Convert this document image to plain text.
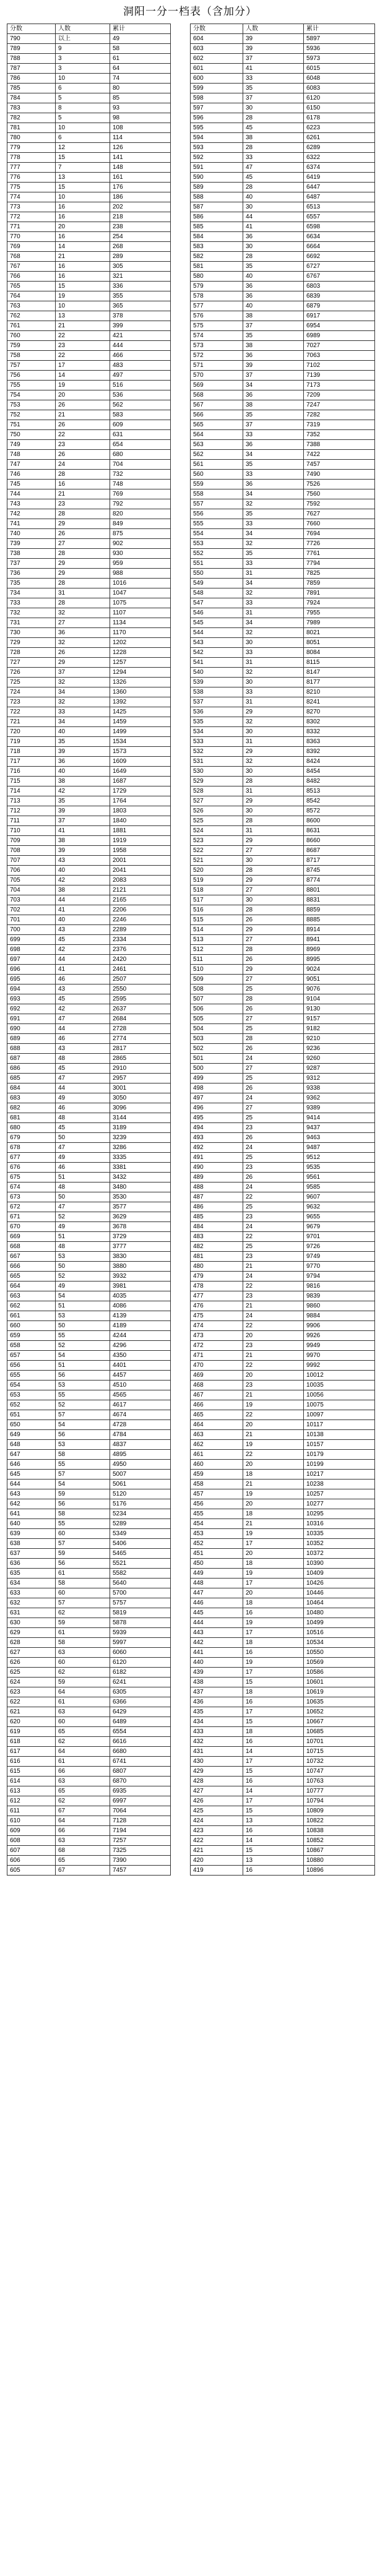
洞阳一分一档表（含加分）
分数	人数	累计
790	以上	49
789	9	58
788	3	61
787	3	64
786	10	74
785	6	80
784	5	85
783	8	93
782	5	98
781	10	108
780	6	114
779	12	126
778	15	141
777	7	148
776	13	161
775	15	176
774	10	186
773	16	202
772	16	218
771	20	238
770	16	254
769	14	268
768	21	289
767	16	305
766	16	321
765	15	336
764	19	355
763	10	365
762	13	378
761	21	399
760	22	421
759	23	444
758	22	466
757	17	483
756	14	497
755	19	516
754	20	536
753	26	562
752	21	583
751	26	609
750	22	631
749	23	654
748	26	680
747	24	704
746	28	732
745	16	748
744	21	769
743	23	792
742	28	820
741	29	849
740	26	875
739	27	902
738	28	930
737	29	959
736	29	988
735	28	1016
734	31	1047
733	28	1075
732	32	1107
731	27	1134
730	36	1170
729	32	1202
728	26	1228
727	29	1257
726	37	1294
725	32	1326
724	34	1360
723	32	1392
722	33	1425
721	34	1459
720	40	1499
719	35	1534
718	39	1573
717	36	1609
716	40	1649
715	38	1687
714	42	1729
713	35	1764
712	39	1803
711	37	1840
710	41	1881
709	38	1919
708	39	1958
707	43	2001
706	40	2041
705	42	2083
704	38	2121
703	44	2165
702	41	2206
701	40	2246
700	43	2289
699	45	2334
698	42	2376
697	44	2420
696	41	2461
695	46	2507
694	43	2550
693	45	2595
692	42	2637
691	47	2684
690	44	2728
689	46	2774
688	43	2817
687	48	2865
686	45	2910
685	47	2957
684	44	3001
683	49	3050
682	46	3096
681	48	3144
680	45	3189
679	50	3239
678	47	3286
677	49	3335
676	46	3381
675	51	3432
674	48	3480
673	50	3530
672	47	3577
671	52	3629
670	49	3678
669	51	3729
668	48	3777
667	53	3830
666	50	3880
665	52	3932
664	49	3981
663	54	4035
662	51	4086
661	53	4139
660	50	4189
659	55	4244
658	52	4296
657	54	4350
656	51	4401
655	56	4457
654	53	4510
653	55	4565
652	52	4617
651	57	4674
650	54	4728
649	56	4784
648	53	4837
647	58	4895
646	55	4950
645	57	5007
644	54	5061
643	59	5120
642	56	5176
641	58	5234
640	55	5289
639	60	5349
638	57	5406
637	59	5465
636	56	5521
635	61	5582
634	58	5640
633	60	5700
632	57	5757
631	62	5819
630	59	5878
629	61	5939
628	58	5997
627	63	6060
626	60	6120
625	62	6182
624	59	6241
623	64	6305
622	61	6366
621	63	6429
620	60	6489
619	65	6554
618	62	6616
617	64	6680
616	61	6741
615	66	6807
614	63	6870
613	65	6935
612	62	6997
611	67	7064
610	64	7128
609	66	7194
608	63	7257
607	68	7325
606	65	7390
605	67	7457
分数	人数	累计
604	39	5897
603	39	5936
602	37	5973
601	41	6015
600	33	6048
599	35	6083
598	37	6120
597	30	6150
596	28	6178
595	45	6223
594	38	6261
593	28	6289
592	33	6322
591	47	6374
590	45	6419
589	28	6447
588	40	6487
587	30	6513
586	44	6557
585	41	6598
584	36	6634
583	30	6664
582	28	6692
581	35	6727
580	40	6767
579	36	6803
578	36	6839
577	40	6879
576	38	6917
575	37	6954
574	35	6989
573	38	7027
572	36	7063
571	39	7102
570	37	7139
569	34	7173
568	36	7209
567	38	7247
566	35	7282
565	37	7319
564	33	7352
563	36	7388
562	34	7422
561	35	7457
560	33	7490
559	36	7526
558	34	7560
557	32	7592
556	35	7627
555	33	7660
554	34	7694
553	32	7726
552	35	7761
551	33	7794
550	31	7825
549	34	7859
548	32	7891
547	33	7924
546	31	7955
545	34	7989
544	32	8021
543	30	8051
542	33	8084
541	31	8115
540	32	8147
539	30	8177
538	33	8210
537	31	8241
536	29	8270
535	32	8302
534	30	8332
533	31	8363
532	29	8392
531	32	8424
530	30	8454
529	28	8482
528	31	8513
527	29	8542
526	30	8572
525	28	8600
524	31	8631
523	29	8660
522	27	8687
521	30	8717
520	28	8745
519	29	8774
518	27	8801
517	30	8831
516	28	8859
515	26	8885
514	29	8914
513	27	8941
512	28	8969
511	26	8995
510	29	9024
509	27	9051
508	25	9076
507	28	9104
506	26	9130
505	27	9157
504	25	9182
503	28	9210
502	26	9236
501	24	9260
500	27	9287
499	25	9312
498	26	9338
497	24	9362
496	27	9389
495	25	9414
494	23	9437
493	26	9463
492	24	9487
491	25	9512
490	23	9535
489	26	9561
488	24	9585
487	22	9607
486	25	9632
485	23	9655
484	24	9679
483	22	9701
482	25	9726
481	23	9749
480	21	9770
479	24	9794
478	22	9816
477	23	9839
476	21	9860
475	24	9884
474	22	9906
473	20	9926
472	23	9949
471	21	9970
470	22	9992
469	20	10012
468	23	10035
467	21	10056
466	19	10075
465	22	10097
464	20	10117
463	21	10138
462	19	10157
461	22	10179
460	20	10199
459	18	10217
458	21	10238
457	19	10257
456	20	10277
455	18	10295
454	21	10316
453	19	10335
452	17	10352
451	20	10372
450	18	10390
449	19	10409
448	17	10426
447	20	10446
446	18	10464
445	16	10480
444	19	10499
443	17	10516
442	18	10534
441	16	10550
440	19	10569
439	17	10586
438	15	10601
437	18	10619
436	16	10635
435	17	10652
434	15	10667
433	18	10685
432	16	10701
431	14	10715
430	17	10732
429	15	10747
428	16	10763
427	14	10777
426	17	10794
425	15	10809
424	13	10822
423	16	10838
422	14	10852
421	15	10867
420	13	10880
419	16	10896
